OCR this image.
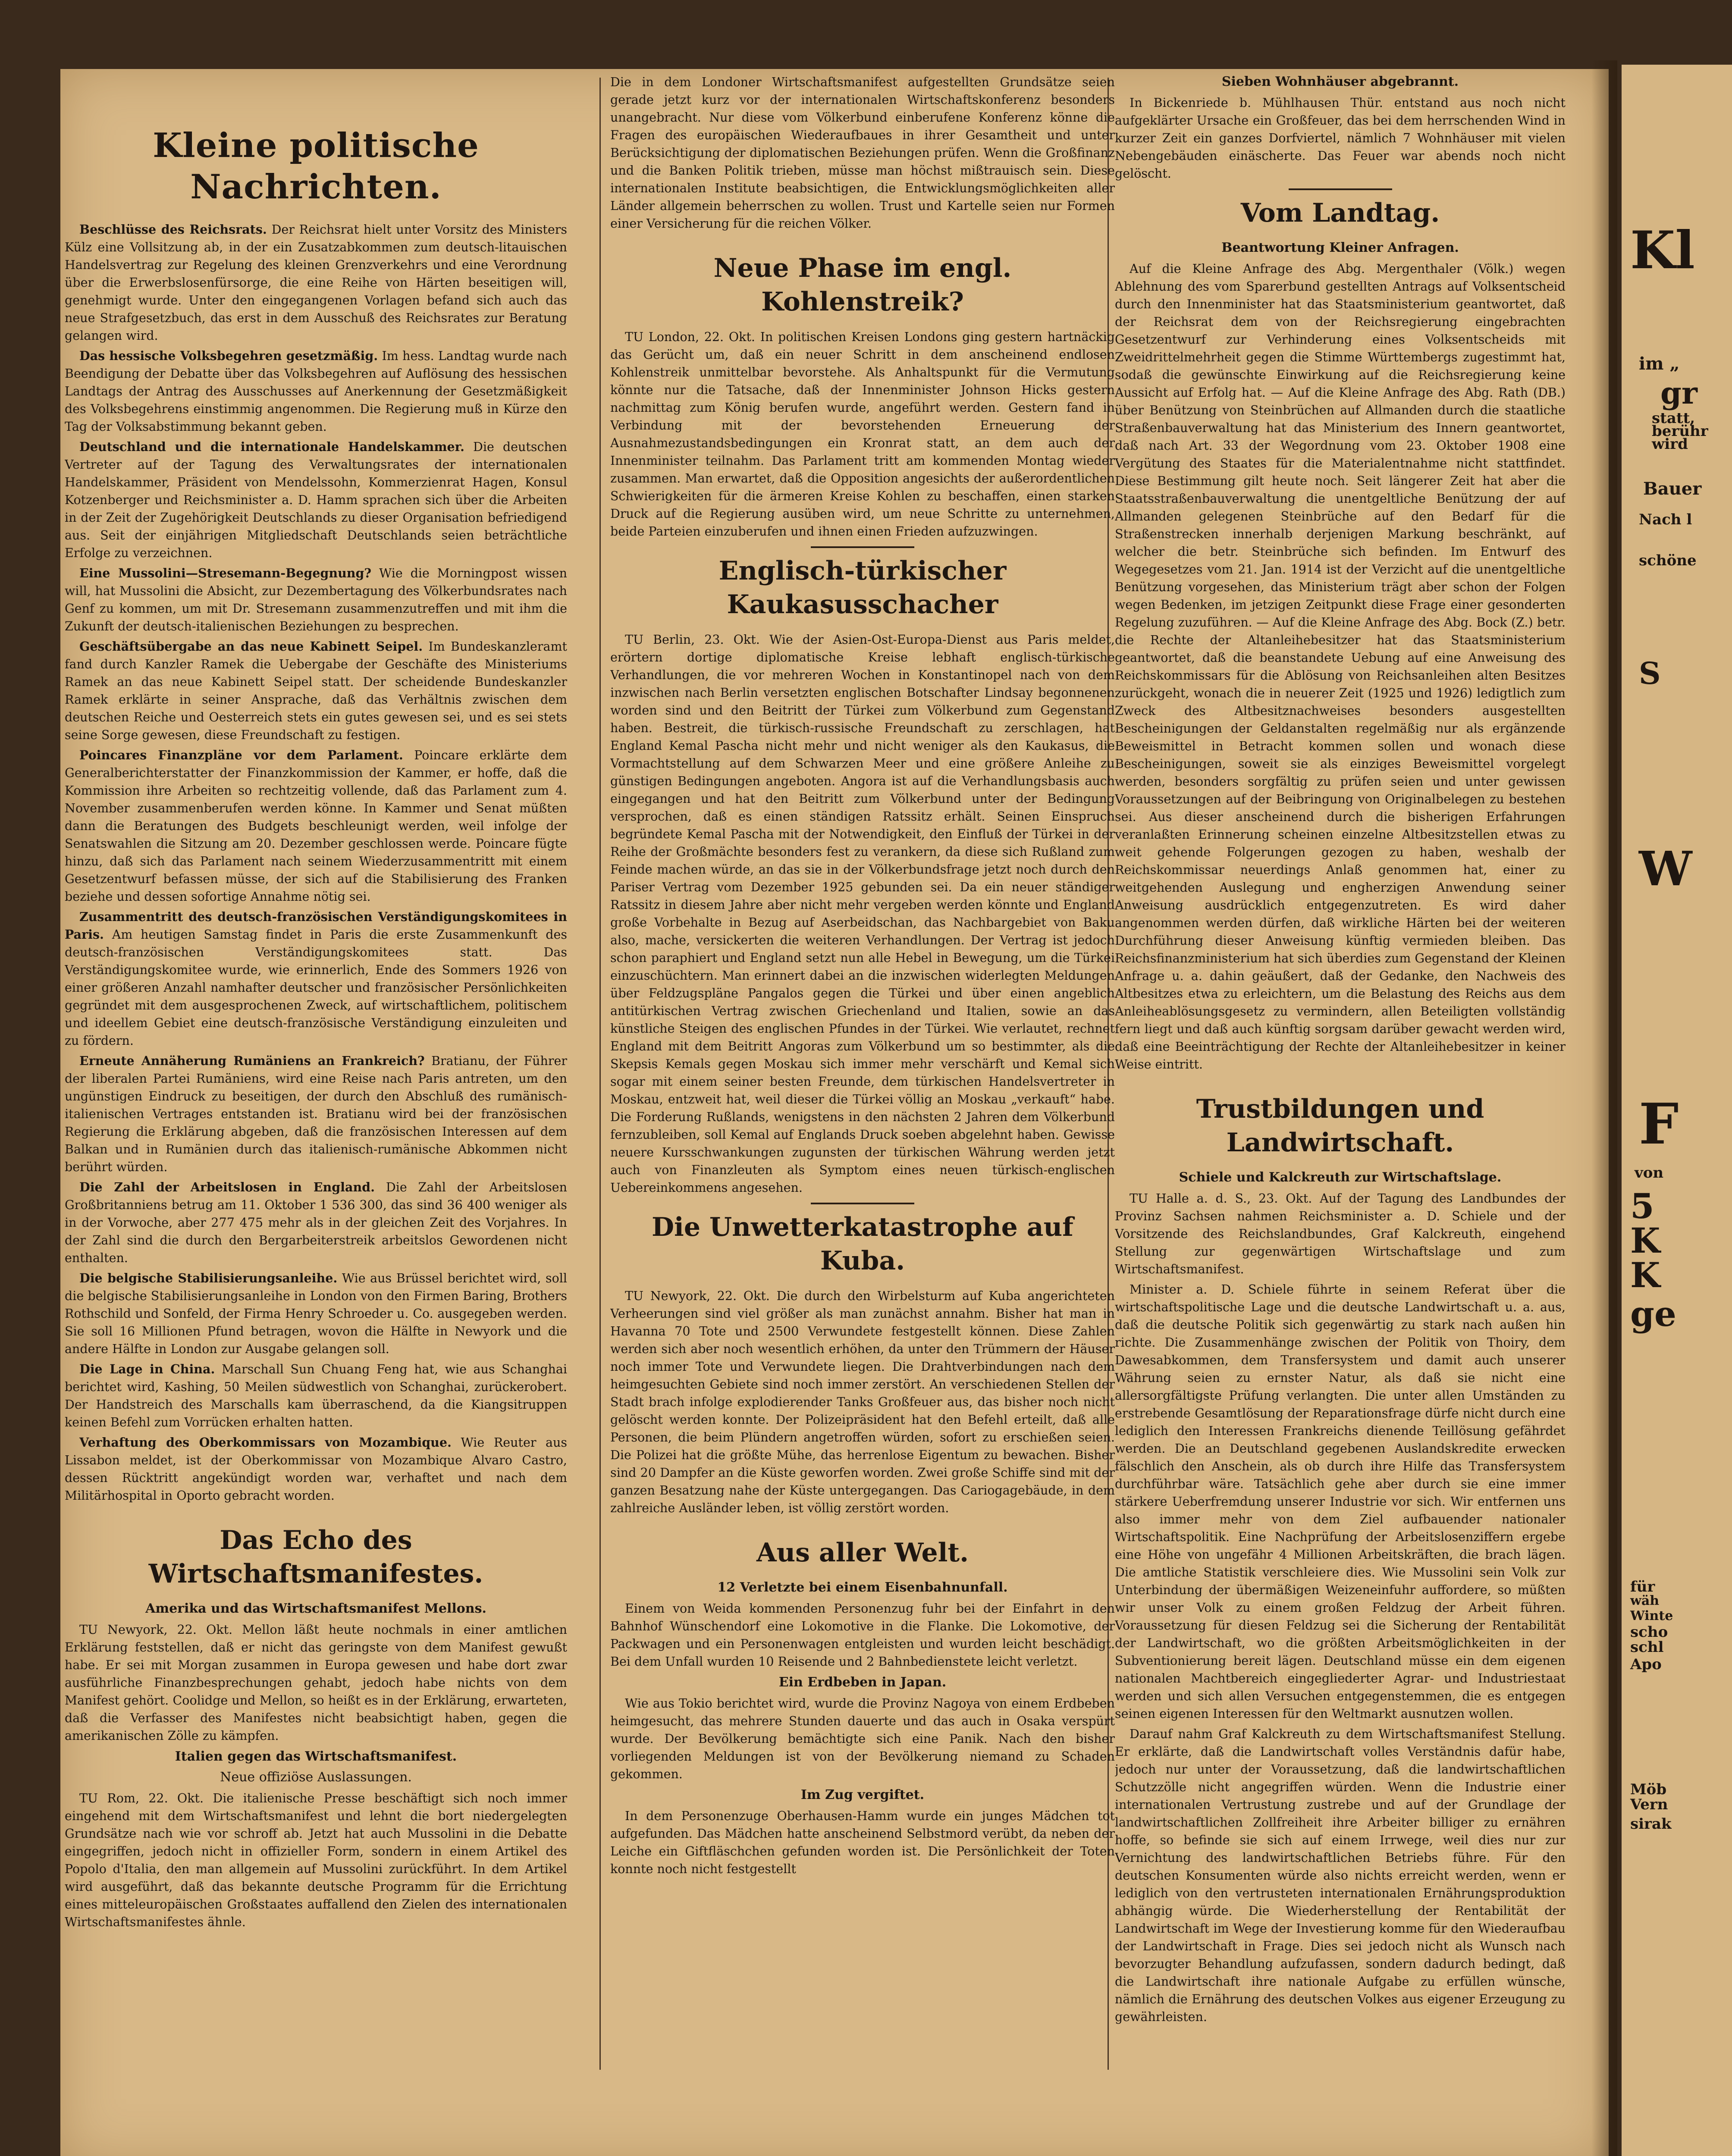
Kleine politische Nachrichten.

Beschlüsse des Reichsrats. Der Reichsrat hielt unter Vorsitz des Ministers Külz eine Vollsitzung ab, in der ein Zusatzabkommen zum deutsch-litauischen Handelsvertrag zur Regelung des kleinen Grenzverkehrs und eine Verordnung über die Erwerbslosenfürsorge, die eine Reihe von Härten beseitigen will, genehmigt wurde. Unter den eingegangenen Vorlagen befand sich auch das neue Strafgesetzbuch, das erst in dem Ausschuß des Reichsrates zur Beratung gelangen wird.

Das hessische Volksbegehren gesetzmäßig. Im hess. Landtag wurde nach Beendigung der Debatte über das Volksbegehren auf Auflösung des hessischen Landtags der Antrag des Ausschusses auf Anerkennung der Gesetzmäßigkeit des Volksbegehrens einstimmig angenommen. Die Regierung muß in Kürze den Tag der Volksabstimmung bekannt geben.

Deutschland und die internationale Handelskammer. Die deutschen Vertreter auf der Tagung des Verwaltungsrates der internationalen Handelskammer, Präsident von Mendelssohn, Kommerzienrat Hagen, Konsul Kotzenberger und Reichsminister a. D. Hamm sprachen sich über die Arbeiten in der Zeit der Zugehörigkeit Deutschlands zu dieser Organisation befriedigend aus. Seit der einjährigen Mitgliedschaft Deutschlands seien beträchtliche Erfolge zu verzeichnen.

Eine Mussolini—Stresemann-Begegnung? Wie die Morningpost wissen will, hat Mussolini die Absicht, zur Dezembertagung des Völkerbundsrates nach Genf zu kommen, um mit Dr. Stresemann zusammenzutreffen und mit ihm die Zukunft der deutsch-italienischen Beziehungen zu besprechen.

Geschäftsübergabe an das neue Kabinett Seipel. Im Bundeskanzleramt fand durch Kanzler Ramek die Uebergabe der Geschäfte des Ministeriums Ramek an das neue Kabinett Seipel statt. Der scheidende Bundeskanzler Ramek erklärte in seiner Ansprache, daß das Verhältnis zwischen dem deutschen Reiche und Oesterreich stets ein gutes gewesen sei, und es sei stets seine Sorge gewesen, diese Freundschaft zu festigen.

Poincares Finanzpläne vor dem Parlament. Poincare erklärte dem Generalberichterstatter der Finanzkommission der Kammer, er hoffe, daß die Kommission ihre Arbeiten so rechtzeitig vollende, daß das Parlament zum 4. November zusammenberufen werden könne. In Kammer und Senat müßten dann die Beratungen des Budgets beschleunigt werden, weil infolge der Senatswahlen die Sitzung am 20. Dezember geschlossen werde. Poincare fügte hinzu, daß sich das Parlament nach seinem Wiederzusammentritt mit einem Gesetzentwurf befassen müsse, der sich auf die Stabilisierung des Franken beziehe und dessen sofortige Annahme nötig sei.

Zusammentritt des deutsch-französischen Verständigungskomitees in Paris. Am heutigen Samstag findet in Paris die erste Zusammenkunft des deutsch-französischen Verständigungskomitees statt. Das Verständigungskomitee wurde, wie erinnerlich, Ende des Sommers 1926 von einer größeren Anzahl namhafter deutscher und französischer Persönlichkeiten gegründet mit dem ausgesprochenen Zweck, auf wirtschaftlichem, politischem und ideellem Gebiet eine deutsch-französische Verständigung einzuleiten und zu fördern.

Erneute Annäherung Rumäniens an Frankreich? Bratianu, der Führer der liberalen Partei Rumäniens, wird eine Reise nach Paris antreten, um den ungünstigen Eindruck zu beseitigen, der durch den Abschluß des rumänisch-italienischen Vertrages entstanden ist. Bratianu wird bei der französischen Regierung die Erklärung abgeben, daß die französischen Interessen auf dem Balkan und in Rumänien durch das italienisch-rumänische Abkommen nicht berührt würden.

Die Zahl der Arbeitslosen in England. Die Zahl der Arbeitslosen Großbritanniens betrug am 11. Oktober 1 536 300, das sind 36 400 weniger als in der Vorwoche, aber 277 475 mehr als in der gleichen Zeit des Vorjahres. In der Zahl sind die durch den Bergarbeiterstreik arbeitslos Gewordenen nicht enthalten.

Die belgische Stabilisierungsanleihe. Wie aus Brüssel berichtet wird, soll die belgische Stabilisierungsanleihe in London von den Firmen Baring, Brothers Rothschild und Sonfeld, der Firma Henry Schroeder u. Co. ausgegeben werden. Sie soll 16 Millionen Pfund betragen, wovon die Hälfte in Newyork und die andere Hälfte in London zur Ausgabe gelangen soll.

Die Lage in China. Marschall Sun Chuang Feng hat, wie aus Schanghai berichtet wird, Kashing, 50 Meilen südwestlich von Schanghai, zurückerobert. Der Handstreich des Marschalls kam überraschend, da die Kiangsitruppen keinen Befehl zum Vorrücken erhalten hatten.

Verhaftung des Oberkommissars von Mozambique. Wie Reuter aus Lissabon meldet, ist der Oberkommissar von Mozambique Alvaro Castro, dessen Rücktritt angekündigt worden war, verhaftet und nach dem Militärhospital in Oporto gebracht worden.

Das Echo des Wirtschaftsmanifestes.
Amerika und das Wirtschaftsmanifest Mellons.

TU Newyork, 22. Okt. Mellon läßt heute nochmals in einer amtlichen Erklärung feststellen, daß er nicht das geringste von dem Manifest gewußt habe. Er sei mit Morgan zusammen in Europa gewesen und habe dort zwar ausführliche Finanzbesprechungen gehabt, jedoch habe nichts von dem Manifest gehört. Coolidge und Mellon, so heißt es in der Erklärung, erwarteten, daß die Verfasser des Manifestes nicht beabsichtigt haben, gegen die amerikanischen Zölle zu kämpfen.

Italien gegen das Wirtschaftsmanifest.
Neue offiziöse Auslassungen.

TU Rom, 22. Okt. Die italienische Presse beschäftigt sich noch immer eingehend mit dem Wirtschaftsmanifest und lehnt die bort niedergelegten Grundsätze nach wie vor schroff ab. Jetzt hat auch Mussolini in die Debatte eingegriffen, jedoch nicht in offizieller Form, sondern in einem Artikel des Popolo d'Italia, den man allgemein auf Mussolini zurückführt. In dem Artikel wird ausgeführt, daß das bekannte deutsche Programm für die Errichtung eines mitteleuropäischen Großstaates auffallend den Zielen des internationalen Wirtschaftsmanifestes ähnle.

Die in dem Londoner Wirtschaftsmanifest aufgestellten Grundsätze seien gerade jetzt kurz vor der internationalen Wirtschaftskonferenz besonders unangebracht. Nur diese vom Völkerbund einberufene Konferenz könne die Fragen des europäischen Wiederaufbaues in ihrer Gesamtheit und unter Berücksichtigung der diplomatischen Beziehungen prüfen. Wenn die Großfinanz und die Banken Politik trieben, müsse man höchst mißtrauisch sein. Diese internationalen Institute beabsichtigen, die Entwicklungsmöglichkeiten aller Länder allgemein beherrschen zu wollen. Trust und Kartelle seien nur Formen einer Versicherung für die reichen Völker.

Neue Phase im engl. Kohlenstreik?

TU London, 22. Okt. In politischen Kreisen Londons ging gestern hartnäckig das Gerücht um, daß ein neuer Schritt in dem anscheinend endlosen Kohlenstreik unmittelbar bevorstehe. Als Anhaltspunkt für die Vermutung könnte nur die Tatsache, daß der Innenminister Johnson Hicks gestern nachmittag zum König berufen wurde, angeführt werden. Gestern fand in Verbindung mit der bevorstehenden Erneuerung der Ausnahmezustandsbedingungen ein Kronrat statt, an dem auch der Innenminister teilnahm. Das Parlament tritt am kommenden Montag wieder zusammen. Man erwartet, daß die Opposition angesichts der außerordentlichen Schwierigkeiten für die ärmeren Kreise Kohlen zu beschaffen, einen starken Druck auf die Regierung ausüben wird, um neue Schritte zu unternehmen, beide Parteien einzuberufen und ihnen einen Frieden aufzuzwingen.

Englisch-türkischer Kaukasusschacher

TU Berlin, 23. Okt. Wie der Asien-Ost-Europa-Dienst aus Paris meldet, erörtern dortige diplomatische Kreise lebhaft englisch-türkische Verhandlungen, die vor mehreren Wochen in Konstantinopel nach von dem inzwischen nach Berlin versetzten englischen Botschafter Lindsay begonnenen worden sind und den Beitritt der Türkei zum Völkerbund zum Gegenstand haben. Bestreit, die türkisch-russische Freundschaft zu zerschlagen, hat England Kemal Pascha nicht mehr und nicht weniger als den Kaukasus, die Vormachtstellung auf dem Schwarzen Meer und eine größere Anleihe zu günstigen Bedingungen angeboten. Angora ist auf die Verhandlungsbasis auch eingegangen und hat den Beitritt zum Völkerbund unter der Bedingung versprochen, daß es einen ständigen Ratssitz erhält. Seinen Einspruch begründete Kemal Pascha mit der Notwendigkeit, den Einfluß der Türkei in der Reihe der Großmächte besonders fest zu verankern, da diese sich Rußland zum Feinde machen würde, an das sie in der Völkerbundsfrage jetzt noch durch den Pariser Vertrag vom Dezember 1925 gebunden sei. Da ein neuer ständiger Ratssitz in diesem Jahre aber nicht mehr vergeben werden könnte und England große Vorbehalte in Bezug auf Aserbeidschan, das Nachbargebiet von Baku also, mache, versickerten die weiteren Verhandlungen. Der Vertrag ist jedoch schon paraphiert und England setzt nun alle Hebel in Bewegung, um die Türkei einzuschüchtern. Man erinnert dabei an die inzwischen widerlegten Meldungen über Feldzugspläne Pangalos gegen die Türkei und über einen angeblich antitürkischen Vertrag zwischen Griechenland und Italien, sowie an das künstliche Steigen des englischen Pfundes in der Türkei. Wie verlautet, rechnet England mit dem Beitritt Angoras zum Völkerbund um so bestimmter, als die Skepsis Kemals gegen Moskau sich immer mehr verschärft und Kemal sich sogar mit einem seiner besten Freunde, dem türkischen Handelsvertreter in Moskau, entzweit hat, weil dieser die Türkei völlig an Moskau „verkauft“ habe. Die Forderung Rußlands, wenigstens in den nächsten 2 Jahren dem Völkerbund fernzubleiben, soll Kemal auf Englands Druck soeben abgelehnt haben. Gewisse neuere Kursschwankungen zugunsten der türkischen Währung werden jetzt auch von Finanzleuten als Symptom eines neuen türkisch-englischen Uebereinkommens angesehen.

Die Unwetterkatastrophe auf Kuba.

TU Newyork, 22. Okt. Die durch den Wirbelsturm auf Kuba angerichteten Verheerungen sind viel größer als man zunächst annahm. Bisher hat man in Havanna 70 Tote und 2500 Verwundete festgestellt können. Diese Zahlen werden sich aber noch wesentlich erhöhen, da unter den Trümmern der Häuser noch immer Tote und Verwundete liegen. Die Drahtverbindungen nach dem heimgesuchten Gebiete sind noch immer zerstört. An verschiedenen Stellen der Stadt brach infolge explodierender Tanks Großfeuer aus, das bisher noch nicht gelöscht werden konnte. Der Polizeipräsident hat den Befehl erteilt, daß alle Personen, die beim Plündern angetroffen würden, sofort zu erschießen seien. Die Polizei hat die größte Mühe, das herrenlose Eigentum zu bewachen. Bisher sind 20 Dampfer an die Küste geworfen worden. Zwei große Schiffe sind mit der ganzen Besatzung nahe der Küste untergegangen. Das Cariogagebäude, in dem zahlreiche Ausländer leben, ist völlig zerstört worden.

Aus aller Welt.
12 Verletzte bei einem Eisenbahnunfall.

Einem von Weida kommenden Personenzug fuhr bei der Einfahrt in den Bahnhof Wünschendorf eine Lokomotive in die Flanke. Die Lokomotive, der Packwagen und ein Personenwagen entgleisten und wurden leicht beschädigt. Bei dem Unfall wurden 10 Reisende und 2 Bahnbedienstete leicht verletzt.

Ein Erdbeben in Japan.

Wie aus Tokio berichtet wird, wurde die Provinz Nagoya von einem Erdbeben heimgesucht, das mehrere Stunden dauerte und das auch in Osaka verspürt wurde. Der Bevölkerung bemächtigte sich eine Panik. Nach den bisher vorliegenden Meldungen ist von der Bevölkerung niemand zu Schaden gekommen.

Im Zug vergiftet.

In dem Personenzuge Oberhausen-Hamm wurde ein junges Mädchen tot aufgefunden. Das Mädchen hatte anscheinend Selbstmord verübt, da neben der Leiche ein Giftfläschchen gefunden worden ist. Die Persönlichkeit der Toten konnte noch nicht festgestellt

Sieben Wohnhäuser abgebrannt.

In Bickenriede b. Mühlhausen Thür. entstand aus noch nicht aufgeklärter Ursache ein Großfeuer, das bei dem herrschenden Wind in kurzer Zeit ein ganzes Dorfviertel, nämlich 7 Wohnhäuser mit vielen Nebengebäuden einäscherte. Das Feuer war abends noch nicht gelöscht.

Vom Landtag.
Beantwortung Kleiner Anfragen.

Auf die Kleine Anfrage des Abg. Mergenthaler (Völk.) wegen Ablehnung des vom Sparerbund gestellten Antrags auf Volksentscheid durch den Innenminister hat das Staatsministerium geantwortet, daß der Reichsrat dem von der Reichsregierung eingebrachten Gesetzentwurf zur Verhinderung eines Volksentscheids mit Zweidrittelmehrheit gegen die Stimme Württembergs zugestimmt hat, sodaß die gewünschte Einwirkung auf die Reichsregierung keine Aussicht auf Erfolg hat. — Auf die Kleine Anfrage des Abg. Rath (DB.) über Benützung von Steinbrüchen auf Allmanden durch die staatliche Straßenbauverwaltung hat das Ministerium des Innern geantwortet, daß nach Art. 33 der Wegordnung vom 23. Oktober 1908 eine Vergütung des Staates für die Materialentnahme nicht stattfindet. Diese Bestimmung gilt heute noch. Seit längerer Zeit hat aber die Staatsstraßenbauverwaltung die unentgeltliche Benützung der auf Allmanden gelegenen Steinbrüche auf den Bedarf für die Straßenstrecken innerhalb derjenigen Markung beschränkt, auf welcher die betr. Steinbrüche sich befinden. Im Entwurf des Wegegesetzes vom 21. Jan. 1914 ist der Verzicht auf die unentgeltliche Benützung vorgesehen, das Ministerium trägt aber schon der Folgen wegen Bedenken, im jetzigen Zeitpunkt diese Frage einer gesonderten Regelung zuzuführen. — Auf die Kleine Anfrage des Abg. Bock (Z.) betr. die Rechte der Altanleihebesitzer hat das Staatsministerium geantwortet, daß die beanstandete Uebung auf eine Anweisung des Reichskommissars für die Ablösung von Reichsanleihen alten Besitzes zurückgeht, wonach die in neuerer Zeit (1925 und 1926) ledigtlich zum Zweck des Altbesitznachweises besonders ausgestellten Bescheinigungen der Geldanstalten regelmäßig nur als ergänzende Beweismittel in Betracht kommen sollen und wonach diese Bescheinigungen, soweit sie als einziges Beweismittel vorgelegt werden, besonders sorgfältig zu prüfen seien und unter gewissen Voraussetzungen auf der Beibringung von Originalbelegen zu bestehen sei. Aus dieser anscheinend durch die bisherigen Erfahrungen veranlaßten Erinnerung scheinen einzelne Altbesitzstellen etwas zu weit gehende Folgerungen gezogen zu haben, weshalb der Reichskommissar neuerdings Anlaß genommen hat, einer zu weitgehenden Auslegung und engherzigen Anwendung seiner Anweisung ausdrücklich entgegenzutreten. Es wird daher angenommen werden dürfen, daß wirkliche Härten bei der weiteren Durchführung dieser Anweisung künftig vermieden bleiben. Das Reichsfinanzministerium hat sich überdies zum Gegenstand der Kleinen Anfrage u. a. dahin geäußert, daß der Gedanke, den Nachweis des Altbesitzes etwa zu erleichtern, um die Belastung des Reichs aus dem Anleiheablösungsgesetz zu vermindern, allen Beteiligten vollständig fern liegt und daß auch künftig sorgsam darüber gewacht werden wird, daß eine Beeinträchtigung der Rechte der Altanleihebesitzer in keiner Weise eintritt.

Trustbildungen und Landwirtschaft.
Schiele und Kalckreuth zur Wirtschaftslage.

TU Halle a. d. S., 23. Okt. Auf der Tagung des Landbundes der Provinz Sachsen nahmen Reichsminister a. D. Schiele und der Vorsitzende des Reichslandbundes, Graf Kalckreuth, eingehend Stellung zur gegenwärtigen Wirtschaftslage und zum Wirtschaftsmanifest.

Minister a. D. Schiele führte in seinem Referat über die wirtschaftspolitische Lage und die deutsche Landwirtschaft u. a. aus, daß die deutsche Politik sich gegenwärtig zu stark nach außen hin richte. Die Zusammenhänge zwischen der Politik von Thoiry, dem Dawesabkommen, dem Transfersystem und damit auch unserer Währung seien zu ernster Natur, als daß sie nicht eine allersorgfältigste Prüfung verlangten. Die unter allen Umständen zu erstrebende Gesamtlösung der Reparationsfrage dürfe nicht durch eine lediglich den Interessen Frankreichs dienende Teillösung gefährdet werden. Die an Deutschland gegebenen Auslandskredite erwecken fälschlich den Anschein, als ob durch ihre Hilfe das Transfersystem durchführbar wäre. Tatsächlich gehe aber durch sie eine immer stärkere Ueberfremdung unserer Industrie vor sich. Wir entfernen uns also immer mehr von dem Ziel aufbauender nationaler Wirtschaftspolitik. Eine Nachprüfung der Arbeitslosenziffern ergebe eine Höhe von ungefähr 4 Millionen Arbeitskräften, die brach lägen. Die amtliche Statistik verschleiere dies. Wie Mussolini sein Volk zur Unterbindung der übermäßigen Weizeneinfuhr auffordere, so müßten wir unser Volk zu einem großen Feldzug der Arbeit führen. Voraussetzung für diesen Feldzug sei die Sicherung der Rentabilität der Landwirtschaft, wo die größten Arbeitsmöglichkeiten in der Subventionierung bereit lägen. Deutschland müsse ein dem eigenen nationalen Machtbereich eingegliederter Agrar- und Industriestaat werden und sich allen Versuchen entgegenstemmen, die es entgegen seinen eigenen Interessen für den Weltmarkt ausnutzen wollen.

Darauf nahm Graf Kalckreuth zu dem Wirtschaftsmanifest Stellung. Er erklärte, daß die Landwirtschaft volles Verständnis dafür habe, jedoch nur unter der Voraussetzung, daß die landwirtschaftlichen Schutzzölle nicht angegriffen würden. Wenn die Industrie einer internationalen Vertrustung zustrebe und auf der Grundlage der landwirtschaftlichen Zollfreiheit ihre Arbeiter billiger zu ernähren hoffe, so befinde sie sich auf einem Irrwege, weil dies nur zur Vernichtung des landwirtschaftlichen Betriebs führe. Für den deutschen Konsumenten würde also nichts erreicht werden, wenn er lediglich von den vertrusteten internationalen Ernährungsproduktion abhängig würde. Die Wiederherstellung der Rentabilität der Landwirtschaft im Wege der Investierung komme für den Wiederaufbau der Landwirtschaft in Frage. Dies sei jedoch nicht als Wunsch nach bevorzugter Behandlung aufzufassen, sondern dadurch bedingt, daß die Landwirtschaft ihre nationale Aufgabe zu erfüllen wünsche, nämlich die Ernährung des deutschen Volkes aus eigener Erzeugung zu gewährleisten.

Kl
im „
gr
statt,
berühr
wird
Bauer
Nach l
schöne
S
W
F
von
5
K
K
ge
für
wäh
Winte
scho
schl
Apo
Möb
Vern
sirak
